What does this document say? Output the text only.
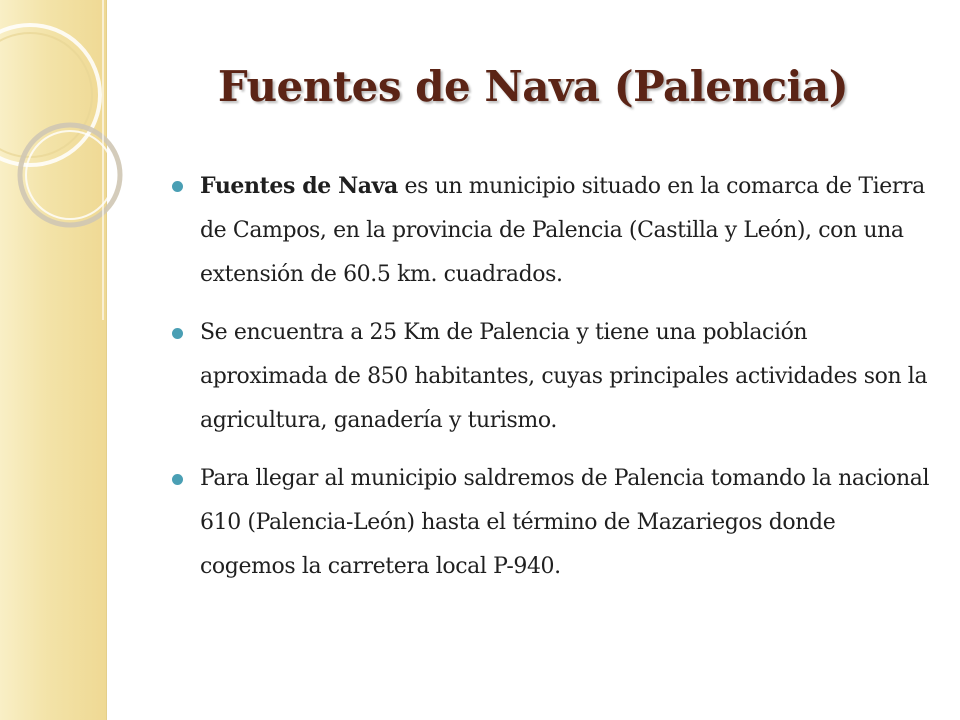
Fuentes de Nava (Palencia)
Fuentes de Nava es un municipio situado en la comarca de Tierra de Campos, en la provincia de Palencia (Castilla y León), con una extensión de 60.5 km. cuadrados.
Se encuentra a 25 Km de Palencia y tiene una población aproximada de 850 habitantes, cuyas principales actividades son la agricultura, ganadería y turismo.
Para llegar al municipio saldremos de Palencia tomando la nacional 610 (Palencia-León) hasta el término de Mazariegos donde cogemos la carretera local P-940.
